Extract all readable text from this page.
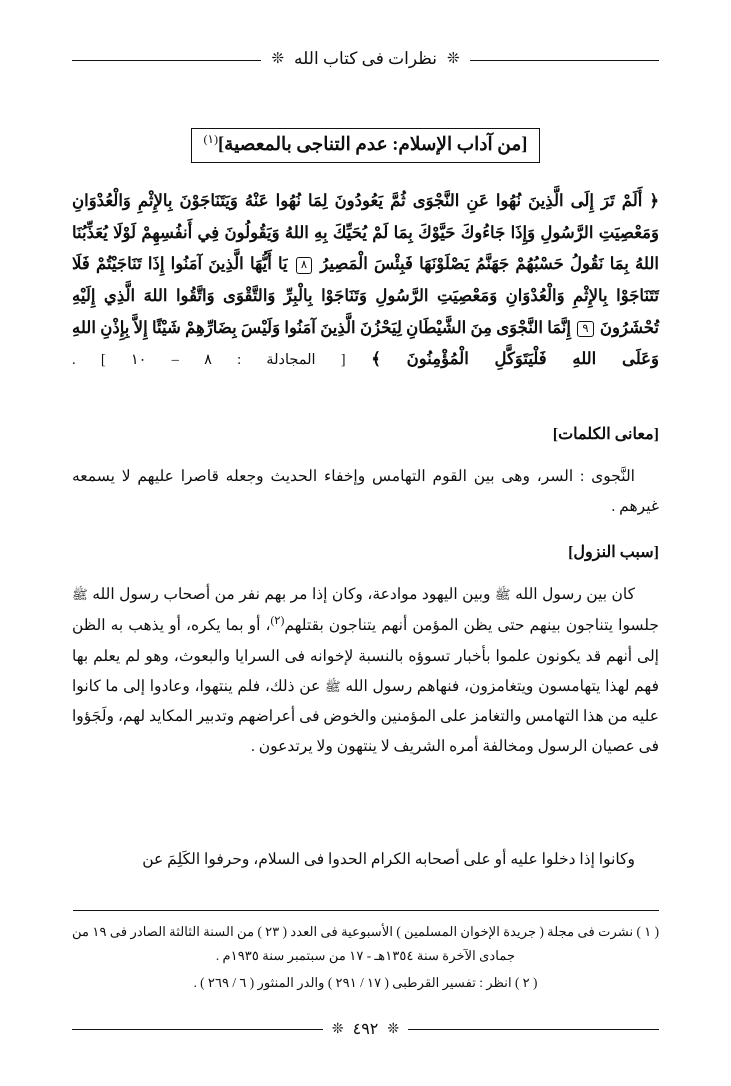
❊
نظرات فى كتاب الله
❊
[من آداب الإسلام: عدم التناجى بالمعصية]$^{(١)}$
﴿ أَلَمْ تَرَ إِلَى الَّذِينَ نُهُوا عَنِ النَّجْوَى ثُمَّ يَعُودُونَ لِمَا نُهُوا عَنْهُ وَيَتَنَاجَوْنَ بِالإِثْمِ وَالْعُدْوَانِ وَمَعْصِيَتِ الرَّسُولِ وَإِذَا جَاءُوكَ حَيَّوْكَ بِمَا لَمْ يُحَيِّكَ بِهِ اللهُ وَيَقُولُونَ فِي أَنفُسِهِمْ لَوْلَا يُعَذِّبُنَا اللهُ بِمَا نَقُولُ حَسْبُهُمْ جَهَنَّمُ يَصْلَوْنَهَا فَبِئْسَ الْمَصِيرُ ٨ يَا أَيُّهَا الَّذِينَ آمَنُوا إِذَا تَنَاجَيْتُمْ فَلَا تَتَنَاجَوْا بِالإِثْمِ وَالْعُدْوَانِ وَمَعْصِيَتِ الرَّسُولِ وَتَنَاجَوْا بِالْبِرِّ وَالتَّقْوَى وَاتَّقُوا اللهَ الَّذِي إِلَيْهِ تُحْشَرُونَ ٩ إِنَّمَا النَّجْوَى مِنَ الشَّيْطَانِ لِيَحْزُنَ الَّذِينَ آمَنُوا وَلَيْسَ بِضَارِّهِمْ شَيْئًا إِلاَّ بِإِذْنِ اللهِ وَعَلَى اللهِ فَلْيَتَوَكَّلِ الْمُؤْمِنُونَ ﴾ [ المجادلة : ٨ – ١٠ ] .
[معانى الكلمات]
النَّجوى : السر، وهى بين القوم التهامس وإخفاء الحديث وجعله قاصرا عليهم لا يسمعه غيرهم .
[سبب النزول]
كان بين رسول الله ﷺ وبين اليهود موادعة، وكان إذا مر بهم نفر من أصحاب رسول الله ﷺ جلسوا يتناجون بينهم حتى يظن المؤمن أنهم يتناجون بقتلهم$^{(٢)}$، أو بما يكره، أو يذهب به الظن إلى أنهم قد يكونون علموا بأخبار تسوؤه بالنسبة لإخوانه فى السرايا والبعوث، وهو لم يعلم بها فهم لهذا يتهامسون ويتغامزون، فنهاهم رسول الله ﷺ عن ذلك، فلم ينتهوا، وعادوا إلى ما كانوا عليه من هذا التهامس والتغامز على المؤمنين والخوض فى أعراضهم وتدبير المكايد لهم، ولَجَؤوا فى عصيان الرسول ومخالفة أمره الشريف لا ينتهون ولا يرتدعون .
وكانوا إذا دخلوا عليه أو على أصحابه الكرام الحدوا فى السلام، وحرفوا الكَلِمَ عن
( ١ ) نشرت فى مجلة ( جريدة الإخوان المسلمين ) الأسبوعية فى العدد ( ٢٣ ) من السنة الثالثة الصادر فى ١٩ من جمادى الآخرة سنة ١٣٥٤هـ - ١٧ من سبتمبر سنة ١٩٣٥م .
( ٢ ) انظر : تفسير القرطبى ( ١٧ / ٢٩١ ) والدر المنثور ( ٦ / ٢٦٩ ) .
❊
٤٩٢
❊
